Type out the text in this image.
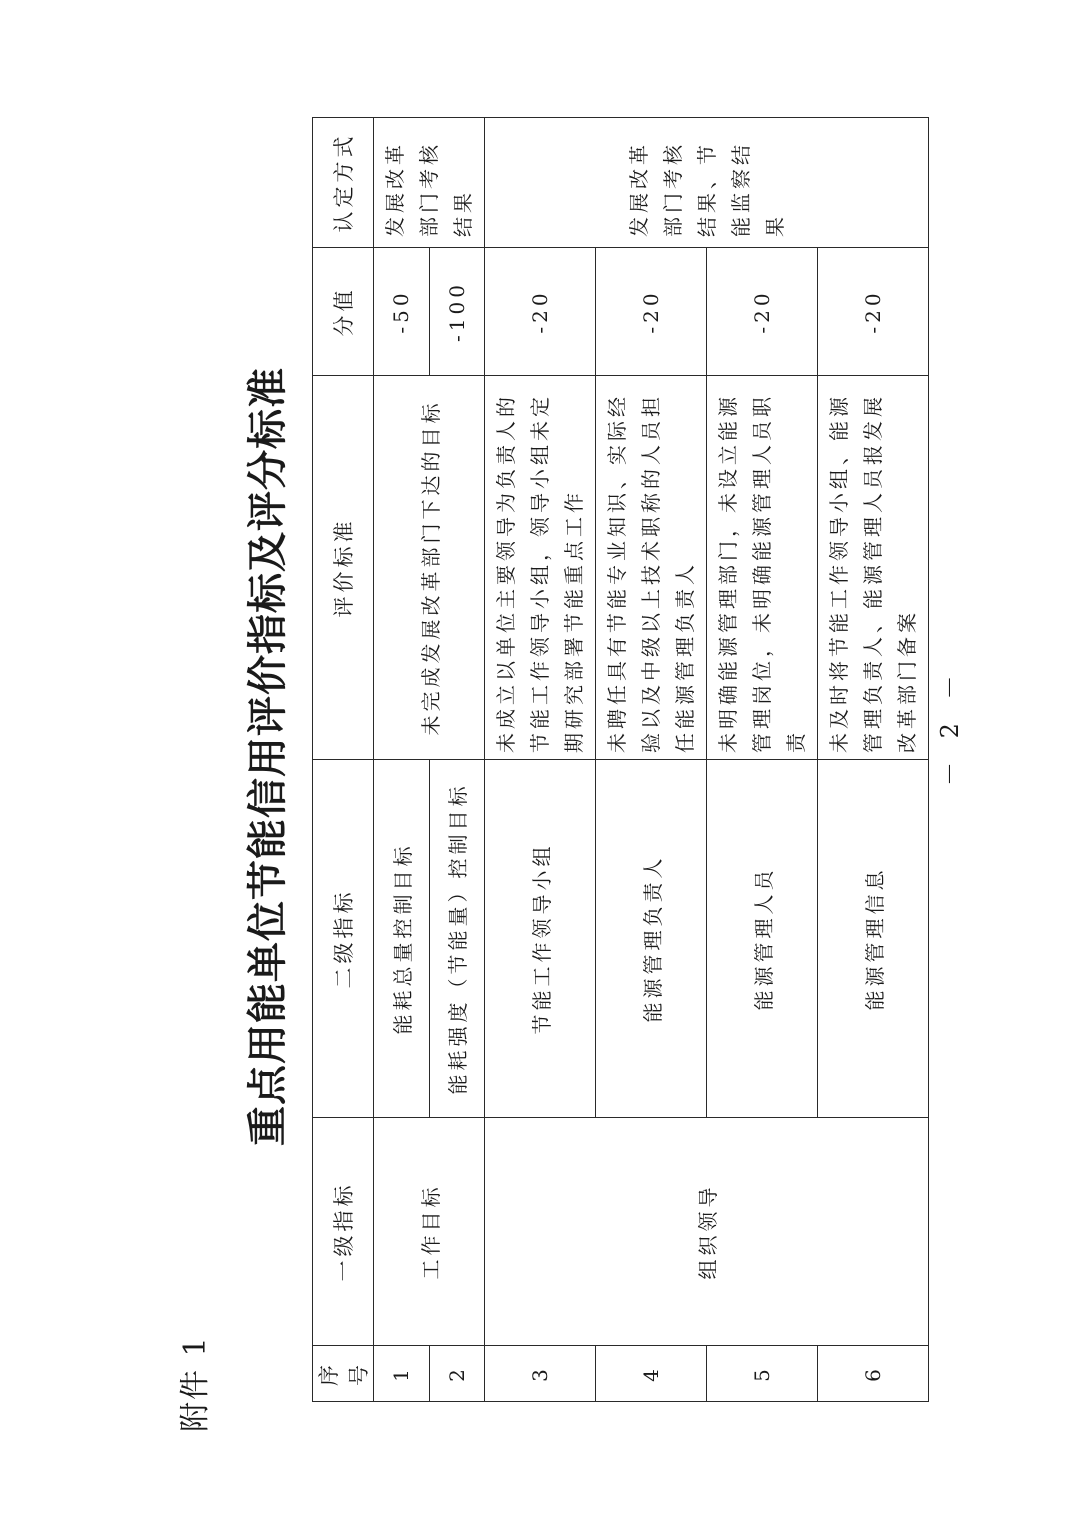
附件 1
重点用能单位节能信用评价指标及评分标准
序号	一级指标	二级指标	评价标准	分值	认定方式
1	工作目标	能耗总量控制目标	未完成发展改革部门下达的目标	-50	发展改革部门考核结果
2		能耗强度（节能量）控制目标		-100	
3	组织领导	节能工作领导小组	未成立以单位主要领导为负责人的节能工作领导小组，领导小组未定期研究部署节能重点工作	-20	发展改革部门考核结果、节能监察结果
4		能源管理负责人	未聘任具有节能专业知识、实际经验以及中级以上技术职称的人员担任能源管理负责人	-20	
5		能源管理人员	未明确能源管理部门，未设立能源管理岗位，未明确能源管理人员职责	-20	
6		能源管理信息	未及时将节能工作领导小组、能源管理负责人、能源管理人员报发展改革部门备案	-20	
－ 2 －
